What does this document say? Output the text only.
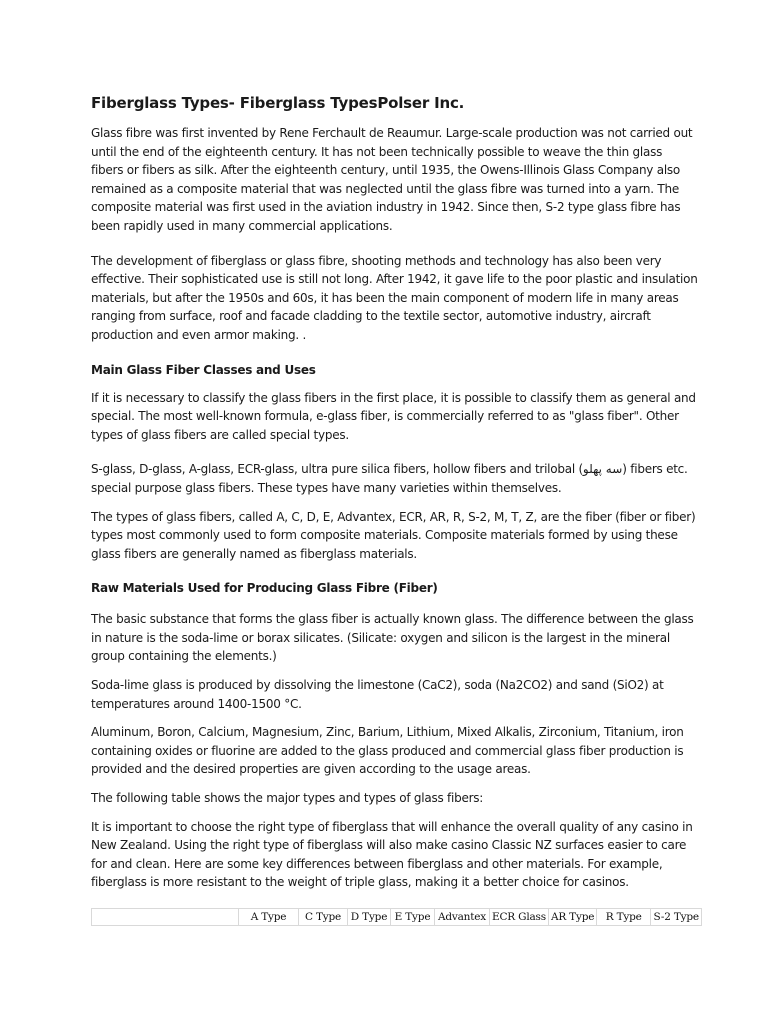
Fiberglass Types- Fiberglass TypesPolser Inc.

Glass fibre was first invented by Rene Ferchault de Reaumur. Large-scale production was not carried out
until the end of the eighteenth century. It has not been technically possible to weave the thin glass
fibers or fibers as silk. After the eighteenth century, until 1935, the Owens-Illinois Glass Company also
remained as a composite material that was neglected until the glass fibre was turned into a yarn. The
composite material was first used in the aviation industry in 1942. Since then, S-2 type glass fibre has
been rapidly used in many commercial applications.

The development of fiberglass or glass fibre, shooting methods and technology has also been very
effective. Their sophisticated use is still not long. After 1942, it gave life to the poor plastic and insulation
materials, but after the 1950s and 60s, it has been the main component of modern life in many areas
ranging from surface, roof and facade cladding to the textile sector, automotive industry, aircraft
production and even armor making. .

Main Glass Fiber Classes and Uses

If it is necessary to classify the glass fibers in the first place, it is possible to classify them as general and
special. The most well-known formula, e-glass fiber, is commercially referred to as "glass fiber". Other
types of glass fibers are called special types.

S-glass, D-glass, A-glass, ECR-glass, ultra pure silica fibers, hollow fibers and trilobal (سه پهلو) fibers etc.
special purpose glass fibers. These types have many varieties within themselves.

The types of glass fibers, called A, C, D, E, Advantex, ECR, AR, R, S-2, M, T, Z, are the fiber (fiber or fiber)
types most commonly used to form composite materials. Composite materials formed by using these
glass fibers are generally named as fiberglass materials.

Raw Materials Used for Producing Glass Fibre (Fiber)

The basic substance that forms the glass fiber is actually known glass. The difference between the glass
in nature is the soda-lime or borax silicates. (Silicate: oxygen and silicon is the largest in the mineral
group containing the elements.)

Soda-lime glass is produced by dissolving the limestone (CaC2), soda (Na2CO2) and sand (SiO2) at
temperatures around 1400-1500 °C.

Aluminum, Boron, Calcium, Magnesium, Zinc, Barium, Lithium, Mixed Alkalis, Zirconium, Titanium, iron
containing oxides or fluorine are added to the glass produced and commercial glass fiber production is
provided and the desired properties are given according to the usage areas.

The following table shows the major types and types of glass fibers:

It is important to choose the right type of fiberglass that will enhance the overall quality of any casino in
New Zealand. Using the right type of fiberglass will also make casino Classic NZ surfaces easier to care
for and clean. Here are some key differences between fiberglass and other materials. For example,
fiberglass is more resistant to the weight of triple glass, making it a better choice for casinos.

	A Type	C Type	D Type	E Type	Advantex	ECR Glass	AR Type	R Type	S-2 Type
